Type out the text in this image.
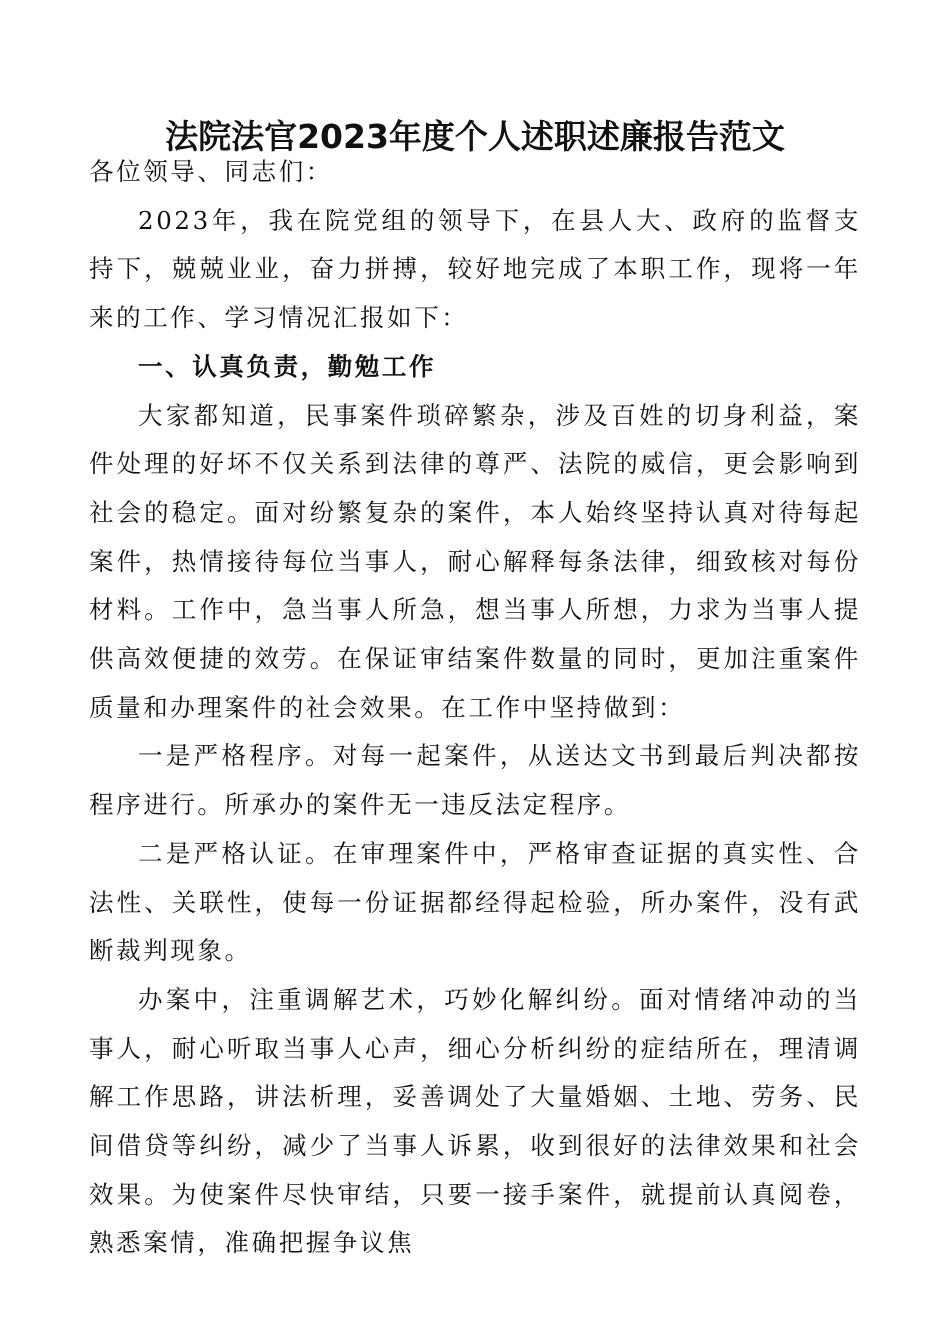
法院法官2023年度个人述职述廉报告范文

各位领导、同志们：

2023年，我在院党组的领导下，在县人大、政府的监督支持下，兢兢业业，奋力拼搏，较好地完成了本职工作，现将一年来的工作、学习情况汇报如下：

一、认真负责，勤勉工作

大家都知道，民事案件琐碎繁杂，涉及百姓的切身利益，案件处理的好坏不仅关系到法律的尊严、法院的威信，更会影响到社会的稳定。面对纷繁复杂的案件，本人始终坚持认真对待每起案件，热情接待每位当事人，耐心解释每条法律，细致核对每份材料。工作中，急当事人所急，想当事人所想，力求为当事人提供高效便捷的效劳。在保证审结案件数量的同时，更加注重案件质量和办理案件的社会效果。在工作中坚持做到：

一是严格程序。对每一起案件，从送达文书到最后判决都按程序进行。所承办的案件无一违反法定程序。

二是严格认证。在审理案件中，严格审查证据的真实性、合法性、关联性，使每一份证据都经得起检验，所办案件，没有武断裁判现象。

办案中，注重调解艺术，巧妙化解纠纷。面对情绪冲动的当事人，耐心听取当事人心声，细心分析纠纷的症结所在，理清调解工作思路，讲法析理，妥善调处了大量婚姻、土地、劳务、民间借贷等纠纷，减少了当事人诉累，收到很好的法律效果和社会效果。为使案件尽快审结，只要一接手案件，就提前认真阅卷，熟悉案情，准确把握争议焦
